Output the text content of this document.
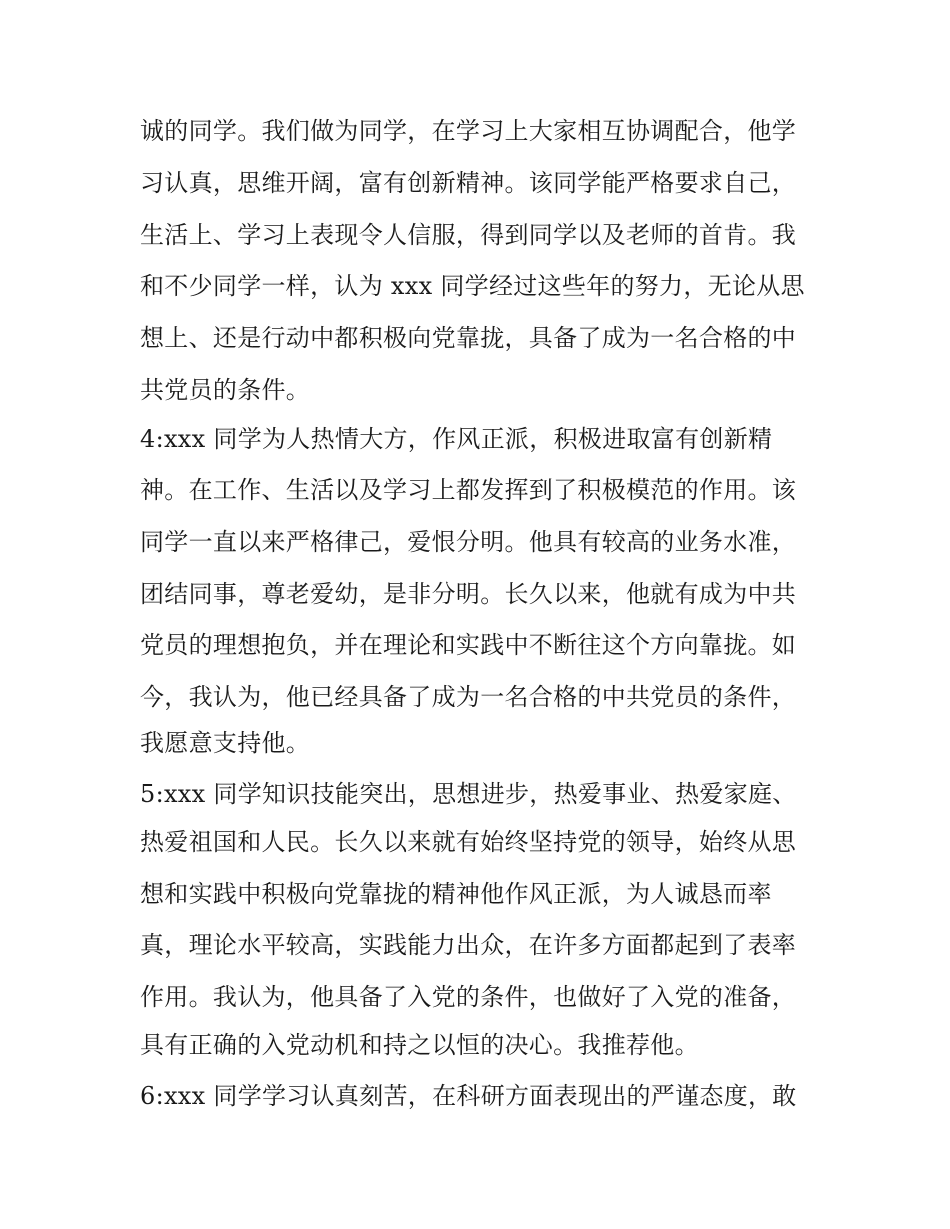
诚的同学。我们做为同学，在学习上大家相互协调配合，他学
习认真，思维开阔，富有创新精神。该同学能严格要求自己，
生活上、学习上表现令人信服，得到同学以及老师的首肯。我
和不少同学一样，认为 xxx 同学经过这些年的努力，无论从思
想上、还是行动中都积极向党靠拢，具备了成为一名合格的中
共党员的条件。
4:xxx 同学为人热情大方，作风正派，积极进取富有创新精
神。在工作、生活以及学习上都发挥到了积极模范的作用。该
同学一直以来严格律己，爱恨分明。他具有较高的业务水准，
团结同事，尊老爱幼，是非分明。长久以来，他就有成为中共
党员的理想抱负，并在理论和实践中不断往这个方向靠拢。如
今，我认为，他已经具备了成为一名合格的中共党员的条件，
我愿意支持他。
5:xxx 同学知识技能突出，思想进步，热爱事业、热爱家庭、
热爱祖国和人民。长久以来就有始终坚持党的领导，始终从思
想和实践中积极向党靠拢的精神他作风正派，为人诚恳而率
真，理论水平较高，实践能力出众，在许多方面都起到了表率
作用。我认为，他具备了入党的条件，也做好了入党的准备，
具有正确的入党动机和持之以恒的决心。我推荐他。
6:xxx 同学学习认真刻苦，在科研方面表现出的严谨态度，敢
